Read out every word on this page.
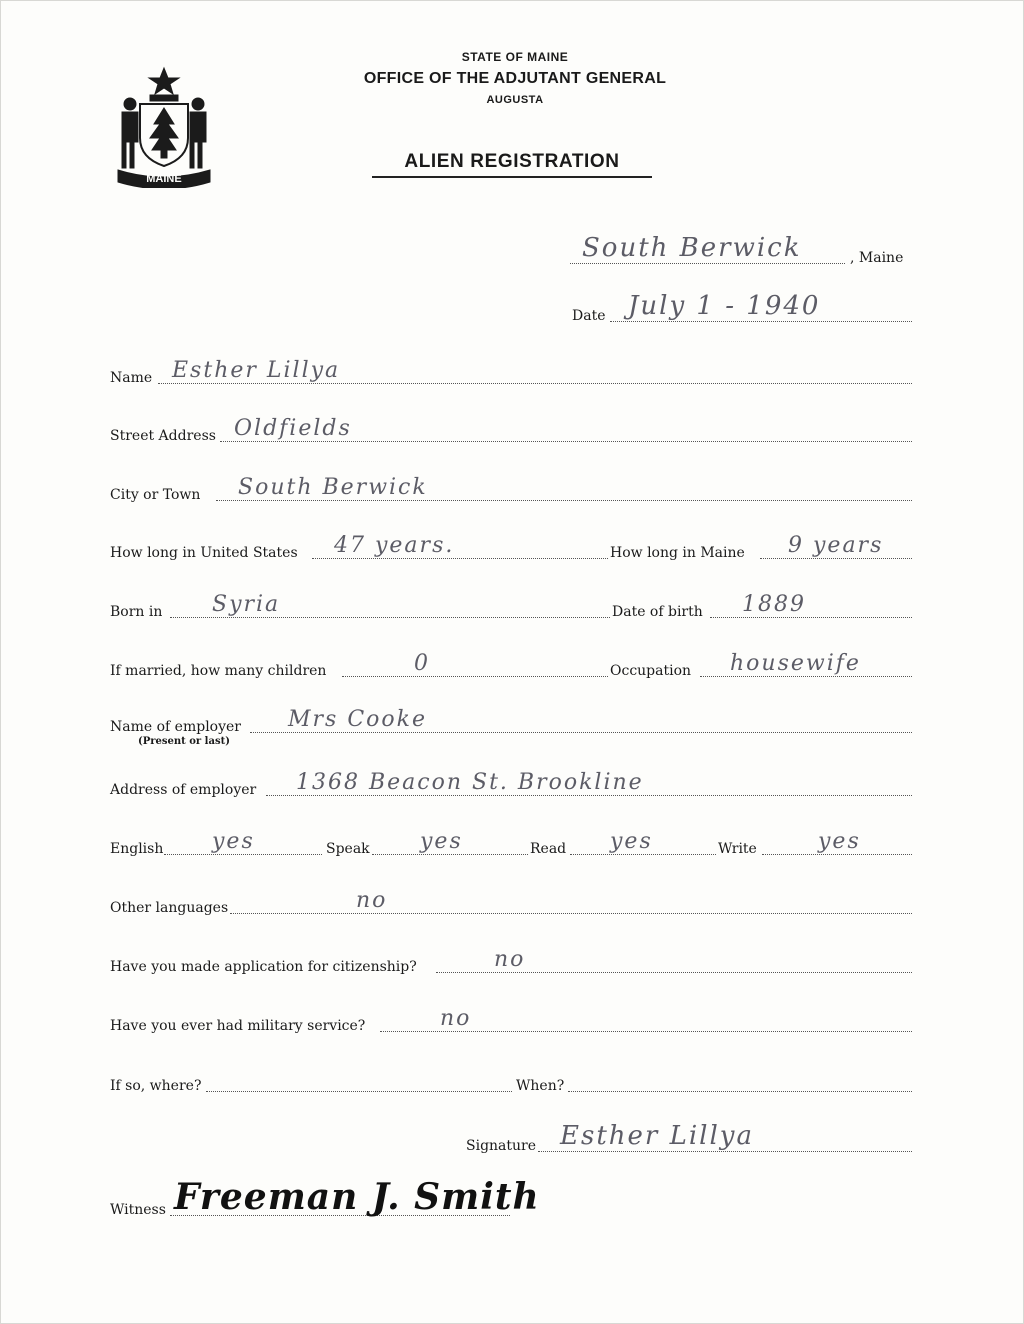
MAINE
STATE OF MAINE
OFFICE OF THE ADJUTANT GENERAL
AUGUSTA
ALIEN REGISTRATION
South Berwick	, Maine
Date July 1 - 1940
Name Esther Lillya
Street Address Oldfields
City or Town South Berwick
How long in United States 47 years.	How long in Maine 9 years
Born in Syria	Date of birth 1889
If married, how many children	0	Occupation housewife
Name of employer Mrs Cooke
(Present or last)
Address of employer 1368 Beacon St. Brookline
English yes	Speak yes	Read yes	Write	yes
Other languages	no
Have you made application for citizenship?	no
Have you ever had military service?	no
If so, where?	When?
Signature Esther Lillya
Witness Freeman J. Smith
